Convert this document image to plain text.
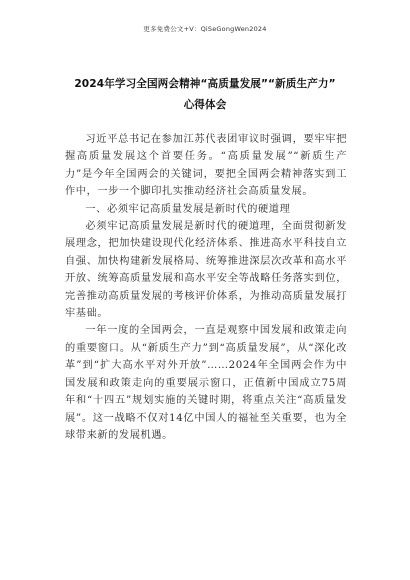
更多免费公文+V：QiSeGongWen2024
2024年学习全国两会精神“高质量发展”“新质生产力”
心得体会

习近平总书记在参加江苏代表团审议时强调，要牢牢把握高质量发展这个首要任务。“高质量发展”“新质生产力”是今年全国两会的关键词，要把全国两会精神落实到工作中，一步一个脚印扎实推动经济社会高质量发展。

一、必须牢记高质量发展是新时代的硬道理

必须牢记高质量发展是新时代的硬道理，全面贯彻新发展理念，把加快建设现代化经济体系、推进高水平科技自立自强、加快构建新发展格局、统筹推进深层次改革和高水平开放、统筹高质量发展和高水平安全等战略任务落实到位，完善推动高质量发展的考核评价体系，为推动高质量发展打牢基础。

一年一度的全国两会，一直是观察中国发展和政策走向的重要窗口。从“新质生产力”到“高质量发展”，从“深化改革”到“扩大高水平对外开放”……2024年全国两会作为中国发展和政策走向的重要展示窗口，正值新中国成立75周年和“十四五”规划实施的关键时期，将重点关注“高质量发展”。这一战略不仅对14亿中国人的福祉至关重要，也为全球带来新的发展机遇。
